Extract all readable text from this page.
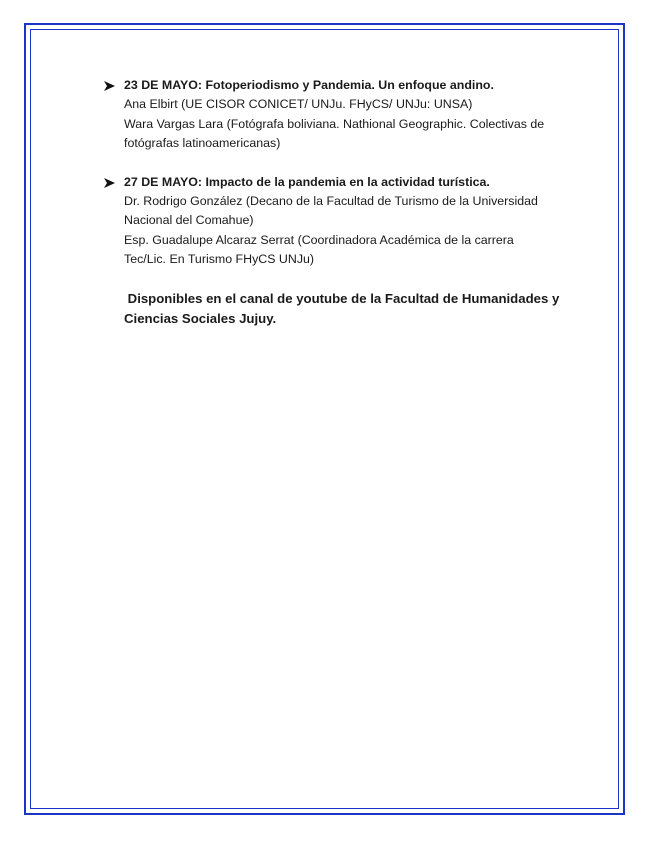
23 DE MAYO: Fotoperiodismo y Pandemia. Un enfoque andino.
Ana Elbirt (UE CISOR CONICET/ UNJu. FHyCS/ UNJu: UNSA)
Wara Vargas Lara (Fotógrafa boliviana. Nathional Geographic. Colectivas de
fotógrafas latinoamericanas)
27 DE MAYO: Impacto de la pandemia en la actividad turística.
Dr. Rodrigo González (Decano de la Facultad de Turismo de la Universidad
Nacional del Comahue)
Esp. Guadalupe Alcaraz Serrat (Coordinadora Académica de la carrera
Tec/Lic. En Turismo FHyCS UNJu)
Disponibles en el canal de youtube de la Facultad de Humanidades y
Ciencias Sociales Jujuy.
